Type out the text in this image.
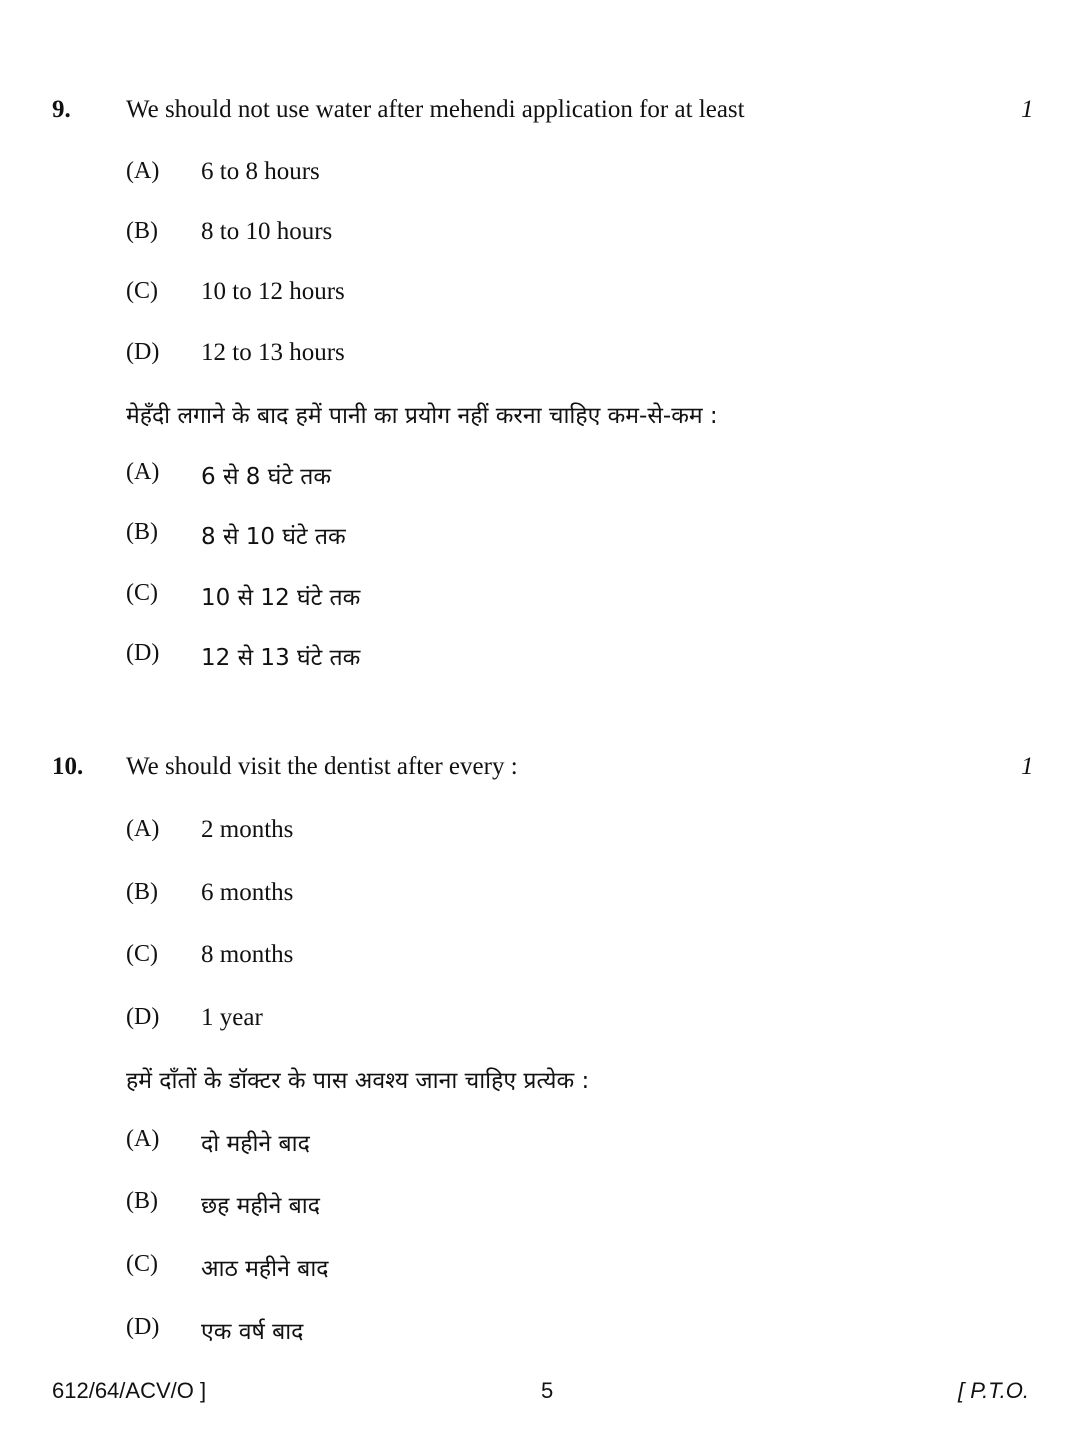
9. We should not use water after mehendi application for at least	1
(A) 6 to 8 hours
(B) 8 to 10 hours
(C) 10 to 12 hours
(D) 12 to 13 hours
मेहँदी लगाने के बाद हमें पानी का प्रयोग नहीं करना चाहिए कम-से-कम :
(A) 6 से 8 घंटे तक
(B) 8 से 10 घंटे तक
(C) 10 से 12 घंटे तक
(D) 12 से 13 घंटे तक
10. We should visit the dentist after every :	1
(A) 2 months
(B) 6 months
(C) 8 months
(D) 1 year
हमें दाँतों के डॉक्टर के पास अवश्य जाना चाहिए प्रत्येक :
(A) दो महीने बाद
(B) छह महीने बाद
(C) आठ महीने बाद
(D) एक वर्ष बाद
612/64/ACV/O ]	5	[ P.T.O.
